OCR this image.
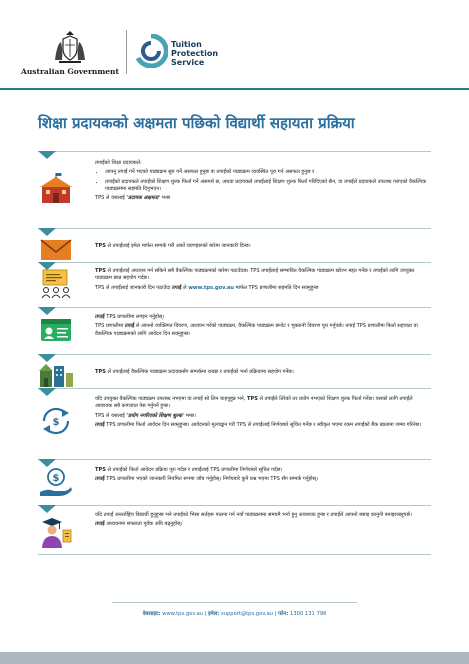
Australian Government
Tuition
Protection
Service
शिक्षा प्रदायकको अक्षमता पछिको विद्यार्थी सहायता प्रक्रिया

तपाईंको शिक्षा प्रदायकले:

• आफ्नु तपाईं गर्ने भएको पाठ्यक्रम सुरु गर्ने असफल हुनुछ वा तपाईंको पाठ्यक्रम व्यवस्थित पूरा गर्न असफल हुनुछ र
• तपाईंको प्रदायकले तपाईंको शिक्षण शुल्क फिर्ता गर्ने असमर्थ छ, अथवा प्रदायकले तपाईंलाई शिक्षण शुल्क फिर्ता गरिदिएको छैन, वा तपाईंले प्रदायकले उपलब्ध गराएको वैकल्पिक पाठ्यक्रममा सहमति दिनुभएन।

TPS ले यसलाई 'प्रदायक अक्षमता' भन्छ

TPS ले तपाईंलाई इमेल मार्फत सम्पर्क गरी अर्को चरणहरूको बारेमा जानकारी दिन्छ।

TPS ले तपाईंलाई अध्ययन गर्न सकिने सबै वैकल्पिक पाठ्यक्रमको बारेमा पठाउँदछ। TPS तपाईंलाई सम्भावित वैकल्पिक पाठ्यक्रम खोज्न मद्दत गर्नेछ र तपाईंको लागि उपयुक्त पाठ्यक्रम छान्न सहयोग गर्दछ।

TPS ले तपाईंलाई जानकारी दिन पठाउँदा तपाईं ले www.tps.gov.au मार्फत TPS प्रणालीमा सहमति दिन सक्नुहुन्छ

तपाईं TPS प्रणालीमा लगइन गर्नुहोस्।

TPS प्रणालीमा तपाईं ले आफ्नो व्यक्तिगत विवरण, अध्ययन गरेको पाठ्यक्रम, वैकल्पिक पाठ्यक्रम छनोट र भुक्तानी विवरण पूरा गर्नुपर्छ। तपाईं TPS प्रणालीमा फिर्ता सहायता वा वैकल्पिक पाठ्यक्रमको लागि आवेदन दिन सक्नुहुन्छ।

TPS ले तपाईंलाई वैकल्पिक पाठ्यक्रम प्रदायकसँग सम्पर्कमा राख्छ र तपाईंको भर्ना प्रक्रियामा सहयोग गर्नेछ।

$

यदि उपयुक्त वैकल्पिक पाठ्यक्रम उपलब्ध नभएमा वा तपाईं सो लिन चाहनुहुन्न भने, TPS ले तपाईंले तिरेको तर प्रयोग नभएको शिक्षण शुल्क फिर्ता गर्नेछ। यसको लागि तपाईंले आवश्यक सबै कागजात पेस गर्नुपर्ने हुन्छ।

TPS ले यसलाई 'प्रयोग नगरिएको शिक्षण शुल्क' भन्छ।

तपाईं TPS प्रणालीमा फिर्ता आवेदन दिन सक्नुहुन्छ। आवेदनको मूल्याङ्कन गरी TPS ले तपाईंलाई निर्णयबारे सूचित गर्नेछ र स्वीकृत भएमा रकम तपाईंको बैंक खातामा जम्मा गरिनेछ।

$

TPS ले तपाईंको फिर्ता आवेदन प्रक्रिया पूरा गर्दछ र तपाईंलाई TPS प्रणालीमा निर्णयबारे सूचित गर्दछ।

तपाईं TPS प्रणालीमा भएको जानकारी नियमित रूपमा जाँच गर्नुहोस्। निर्णयबारे कुनै प्रश्न भएमा TPS सँग सम्पर्क गर्नुहोस्।

यदि तपाईं अन्तर्राष्ट्रिय विद्यार्थी हुनुहुन्छ भने तपाईंको भिसा सर्तहरू पालना गर्न नयाँ पाठ्यक्रममा समयमै भर्ना हुनु आवश्यक हुन्छ र तपाईंले आफ्नो बसाइ कानुनी बनाइराख्नुपर्छ।

तपाईं अध्ययनमा सफलता पूर्वक अघि बढ्नुहोस्।

वेबसाइट: www.tps.gov.au | इमेल: support@tps.gov.au | फोन: 1300 131 798
